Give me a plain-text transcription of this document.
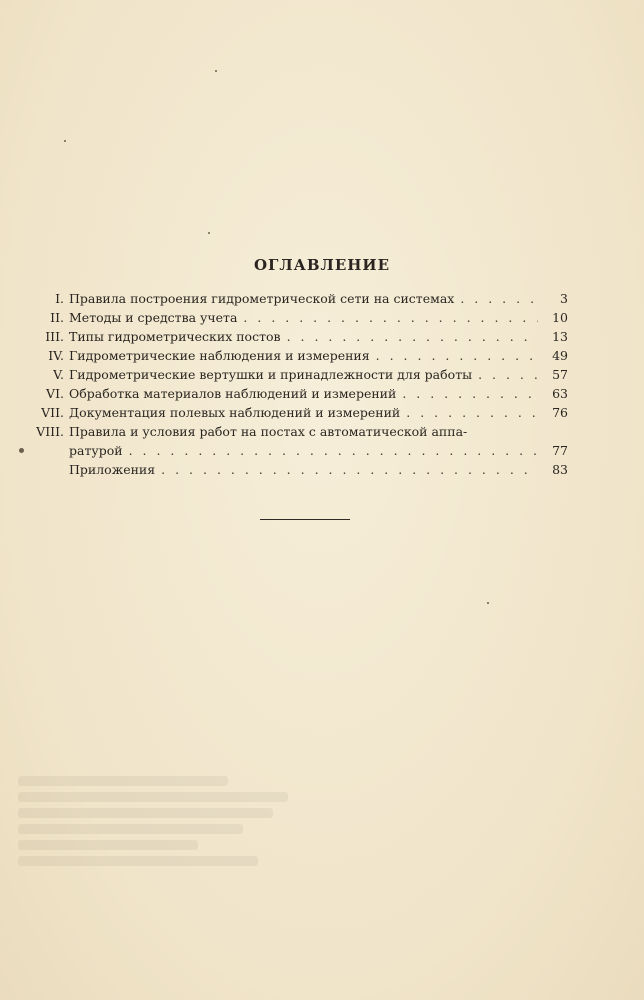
ОГЛАВЛЕНИЕ
I. Правила построения гидрометрической сети на системах . . .	3
II. Методы и средства учета . . .	10
III. Типы гидрометрических постов . . .	13
IV. Гидрометрические наблюдения и измерения . . .	49
V. Гидрометрические вертушки и принадлежности для работы . . .	57
VI. Обработка материалов наблюдений и измерений . . .	63
VII. Документация полевых наблюдений и измерений . . .	76
VIII. Правила и условия работ на постах с автоматической аппа-
ратурой . . .	77
Приложения . . .	83
